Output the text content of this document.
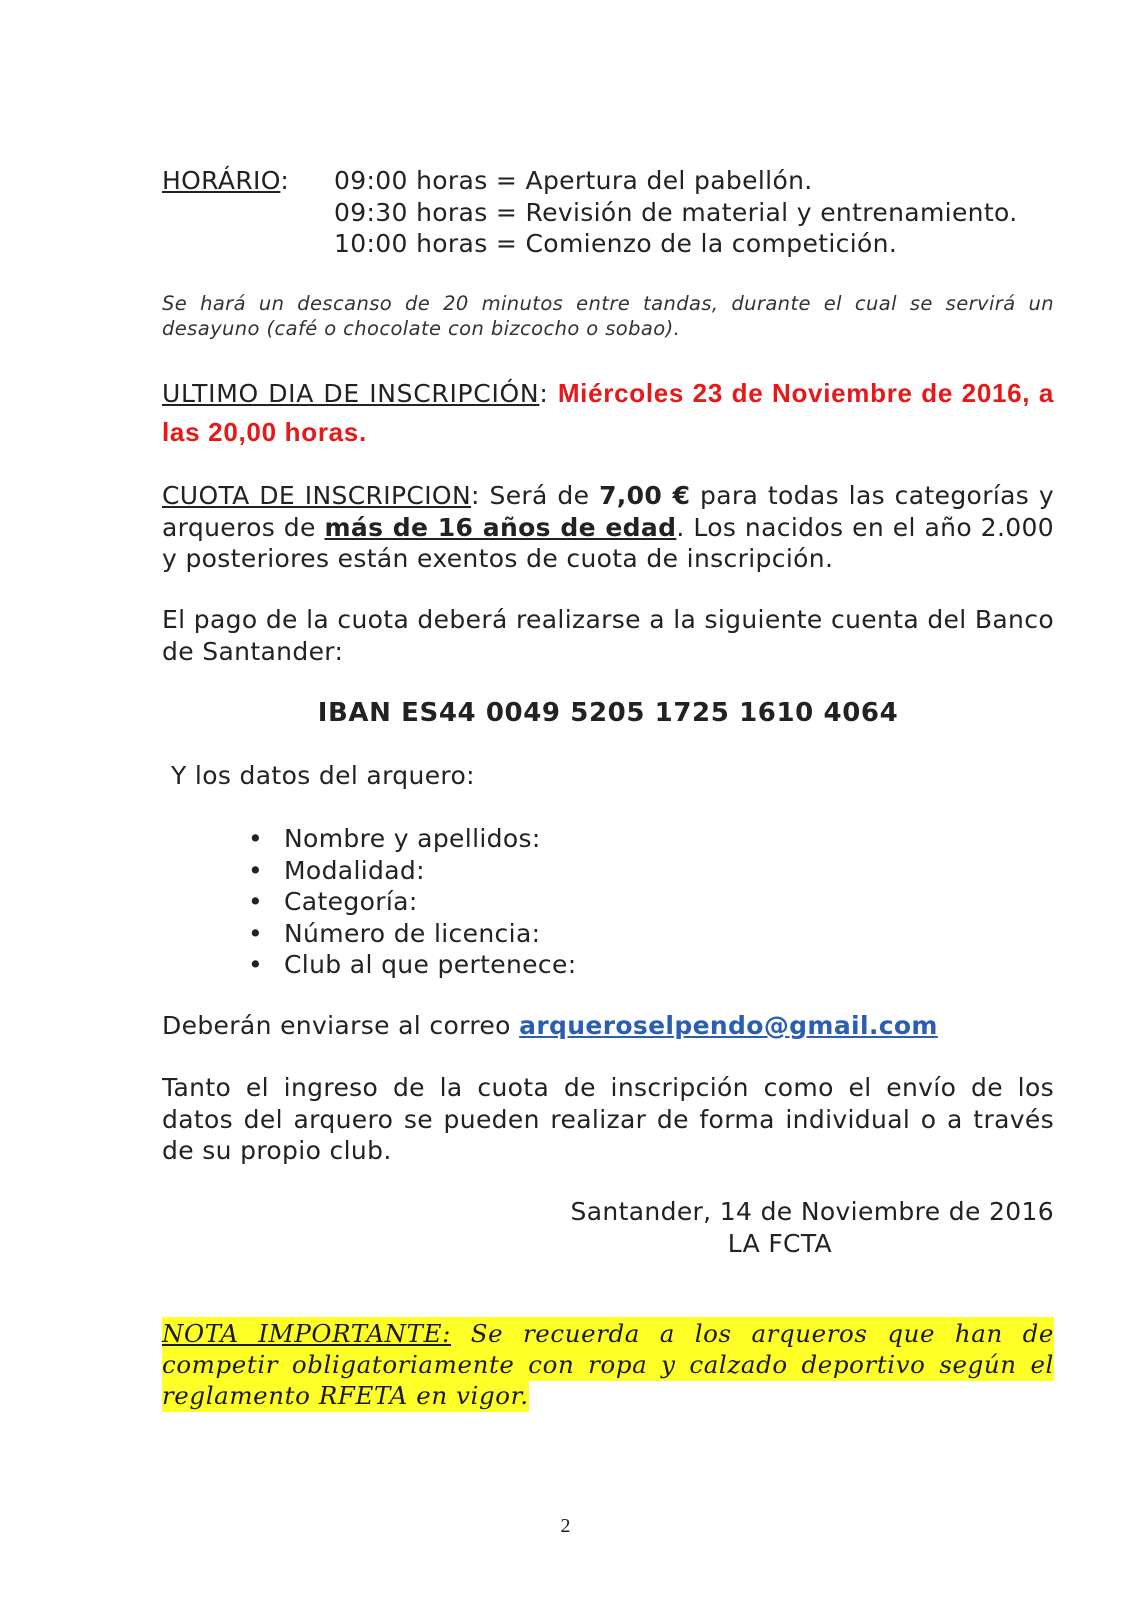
HORÁRIO: 09:00 horas = Apertura del pabellón.
09:30 horas = Revisión de material y entrenamiento.
10:00 horas = Comienzo de la competición.
Se hará un descanso de 20 minutos entre tandas, durante el cual se servirá un desayuno (café o chocolate con bizcocho o sobao).
ULTIMO DIA DE INSCRIPCIÓN: Miércoles 23 de Noviembre de 2016, a las 20,00 horas.
CUOTA DE INSCRIPCION: Será de 7,00 € para todas las categorías y arqueros de más de 16 años de edad. Los nacidos en el año 2.000 y posteriores están exentos de cuota de inscripción.
El pago de la cuota deberá realizarse a la siguiente cuenta del Banco de Santander:
IBAN ES44 0049 5205 1725 1610 4064
Y los datos del arquero:
• Nombre y apellidos:
• Modalidad:
• Categoría:
• Número de licencia:
• Club al que pertenece:
Deberán enviarse al correo arqueroselpendo@gmail.com
Tanto el ingreso de la cuota de inscripción como el envío de los datos del arquero se pueden realizar de forma individual o a través de su propio club.
Santander, 14 de Noviembre de 2016
LA FCTA
NOTA IMPORTANTE: Se recuerda a los arqueros que han de competir obligatoriamente con ropa y calzado deportivo según el reglamento RFETA en vigor.
2
